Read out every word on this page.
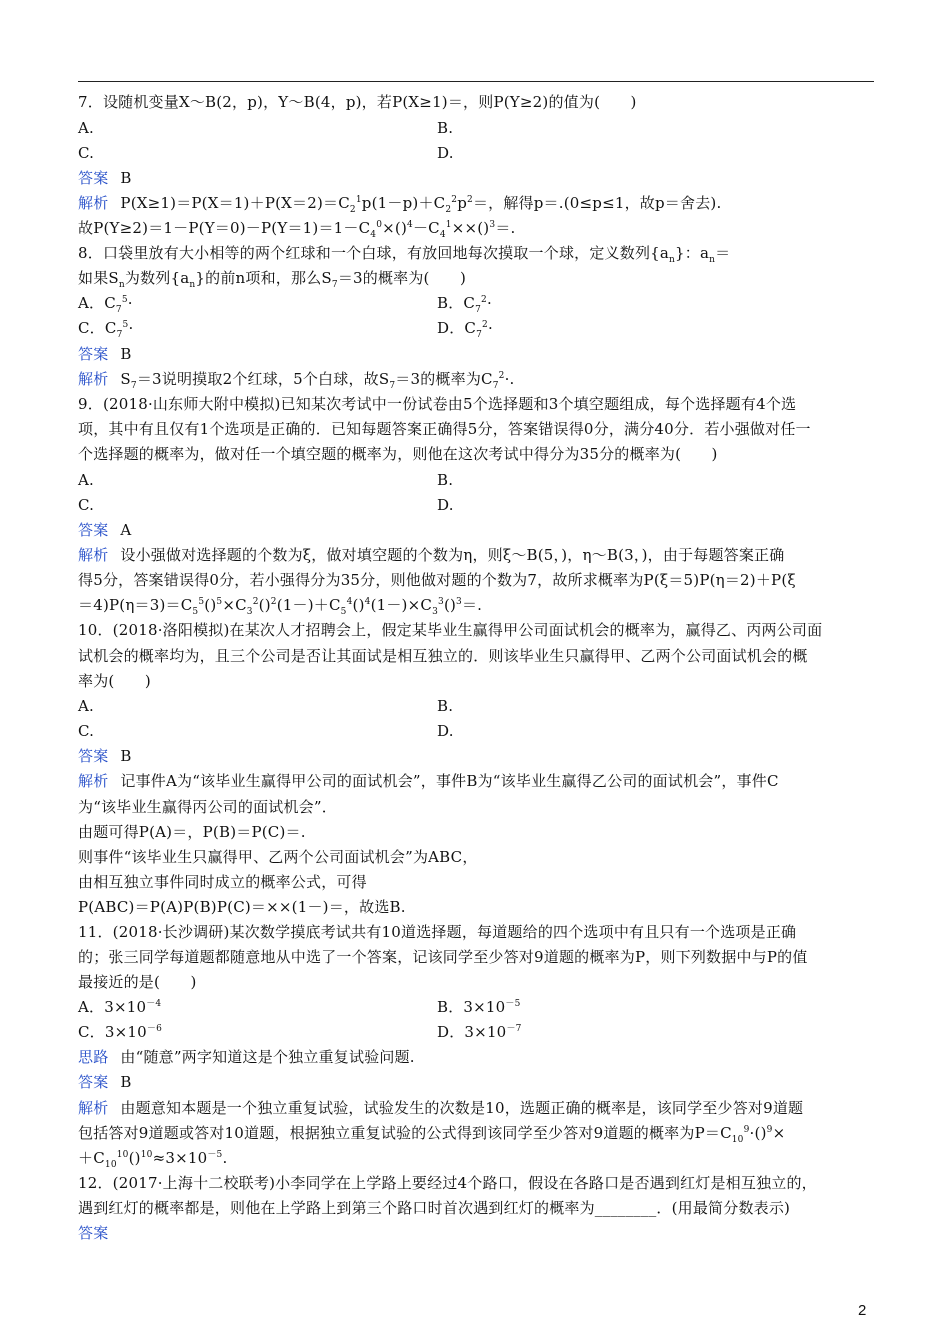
7．设随机变量X～B(2，p)，Y～B(4，p)，若P(X≥1)＝，则P(Y≥2)的值为(　　)
A.	B.
C.	D.
答案 B
解析 $P(X\ge 1)=P(X=1)+P(X=2)=C_2^1p(1-p)+C_2^2p^2=$，解得p＝.(0≤p≤1，故p＝舍去).
故$P(Y\ge 2)=1-P(Y=0)-P(Y=1)=1-C_4^0\times()^4-C_4^1\times\times()^3=$.
8．口袋里放有大小相等的两个红球和一个白球，有放回地每次摸取一个球，定义数列$\{a_n\}$：$a_n=$
如果$S_n$为数列$\{a_n\}$的前n项和，那么$S_7=3$的概率为(　　)
A．$C_7^5\cdot$	B．$C_7^2\cdot$
C．$C_7^5\cdot$	D．$C_7^2\cdot$
答案 B
解析 $S_7=3$说明摸取2个红球，5个白球，故$S_7=3$的概率为$C_7^2\cdot$.
9．(2018·山东师大附中模拟)已知某次考试中一份试卷由5个选择题和3个填空题组成，每个选择题有4个选
项，其中有且仅有1个选项是正确的．已知每题答案正确得5分，答案错误得0分，满分40分．若小强做对任一
个选择题的概率为，做对任一个填空题的概率为，则他在这次考试中得分为35分的概率为(　　)
A.	B.
C.	D.
答案 A
解析 设小强做对选择题的个数为ξ，做对填空题的个数为η，则ξ～B(5，)，η～B(3，)，由于每题答案正确
得5分，答案错误得0分，若小强得分为35分，则他做对题的个数为7，故所求概率为P(ξ＝5)P(η＝2)＋P(ξ
$=4)P(\eta=3)=C_5^5()^5\times C_3^2()^2(1-)+C_5^4()^4(1-)\times C_3^3()^3=$.
10．(2018·洛阳模拟)在某次人才招聘会上，假定某毕业生赢得甲公司面试机会的概率为，赢得乙、丙两公司面
试机会的概率均为，且三个公司是否让其面试是相互独立的．则该毕业生只赢得甲、乙两个公司面试机会的概
率为(　　)
A.	B.
C.	D.
答案 B
解析 记事件A为“该毕业生赢得甲公司的面试机会”，事件B为“该毕业生赢得乙公司的面试机会”，事件C
为“该毕业生赢得丙公司的面试机会”．
由题可得P(A)＝，P(B)＝P(C)＝.
则事件“该毕业生只赢得甲、乙两个公司面试机会”为ABC，
由相互独立事件同时成立的概率公式，可得
P(ABC)＝P(A)P(B)P(C)＝××(1－)＝，故选B.
11．(2018·长沙调研)某次数学摸底考试共有10道选择题，每道题给的四个选项中有且只有一个选项是正确
的；张三同学每道题都随意地从中选了一个答案，记该同学至少答对9道题的概率为P，则下列数据中与P的值
最接近的是(　　)
A．$3\times 10^{-4}$	B．$3\times 10^{-5}$
C．$3\times 10^{-6}$	D．$3\times 10^{-7}$
思路 由“随意”两字知道这是个独立重复试验问题.
答案 B
解析 由题意知本题是一个独立重复试验，试验发生的次数是10，选题正确的概率是，该同学至少答对9道题
包括答对9道题或答对10道题，根据独立重复试验的公式得到该同学至少答对9道题的概率为$P=C_{10}^9\cdot()^9\times$
$+C_{10}^{10}()^{10}\approx 3\times 10^{-5}$.
12．(2017·上海十二校联考)小李同学在上学路上要经过4个路口，假设在各路口是否遇到红灯是相互独立的，
遇到红灯的概率都是，则他在上学路上到第三个路口时首次遇到红灯的概率为________．(用最简分数表示)
答案
2
